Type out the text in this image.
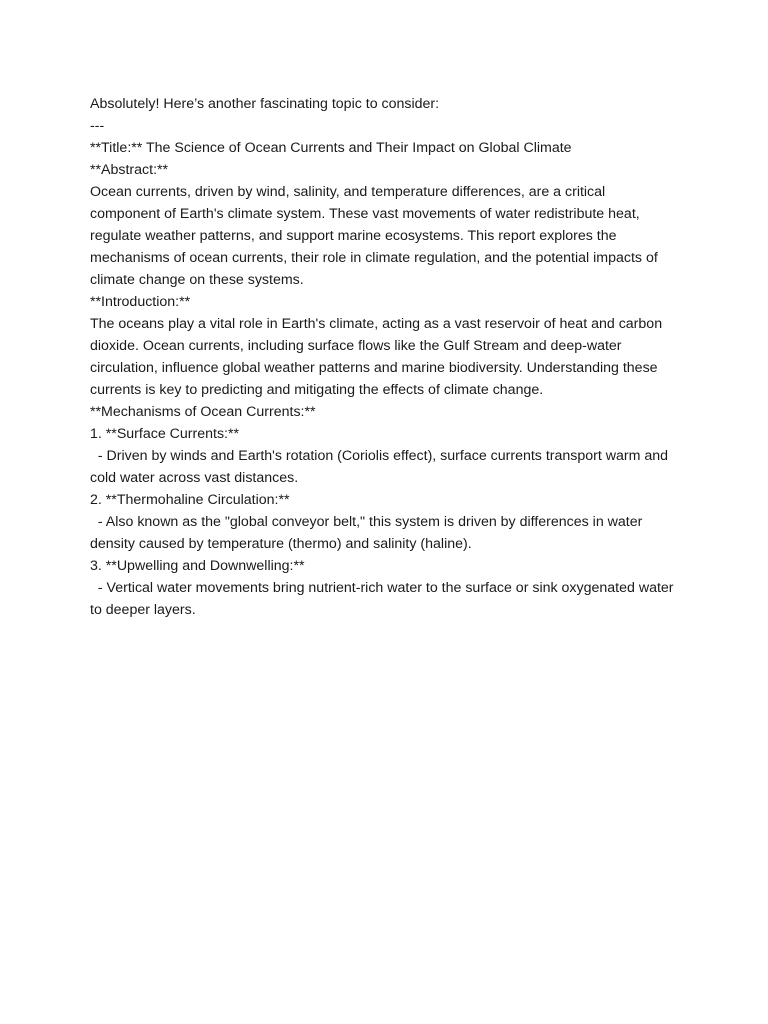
Absolutely! Here’s another fascinating topic to consider:

---

**Title:** The Science of Ocean Currents and Their Impact on Global Climate

**Abstract:**

Ocean currents, driven by wind, salinity, and temperature differences, are a critical component of Earth's climate system. These vast movements of water redistribute heat, regulate weather patterns, and support marine ecosystems. This report explores the mechanisms of ocean currents, their role in climate regulation, and the potential impacts of climate change on these systems.

**Introduction:**

The oceans play a vital role in Earth's climate, acting as a vast reservoir of heat and carbon dioxide. Ocean currents, including surface flows like the Gulf Stream and deep-water circulation, influence global weather patterns and marine biodiversity. Understanding these currents is key to predicting and mitigating the effects of climate change.

**Mechanisms of Ocean Currents:**

1. **Surface Currents:**

- Driven by winds and Earth's rotation (Coriolis effect), surface currents transport warm and cold water across vast distances.

2. **Thermohaline Circulation:**

- Also known as the "global conveyor belt," this system is driven by differences in water density caused by temperature (thermo) and salinity (haline).

3. **Upwelling and Downwelling:**

- Vertical water movements bring nutrient-rich water to the surface or sink oxygenated water to deeper layers.
